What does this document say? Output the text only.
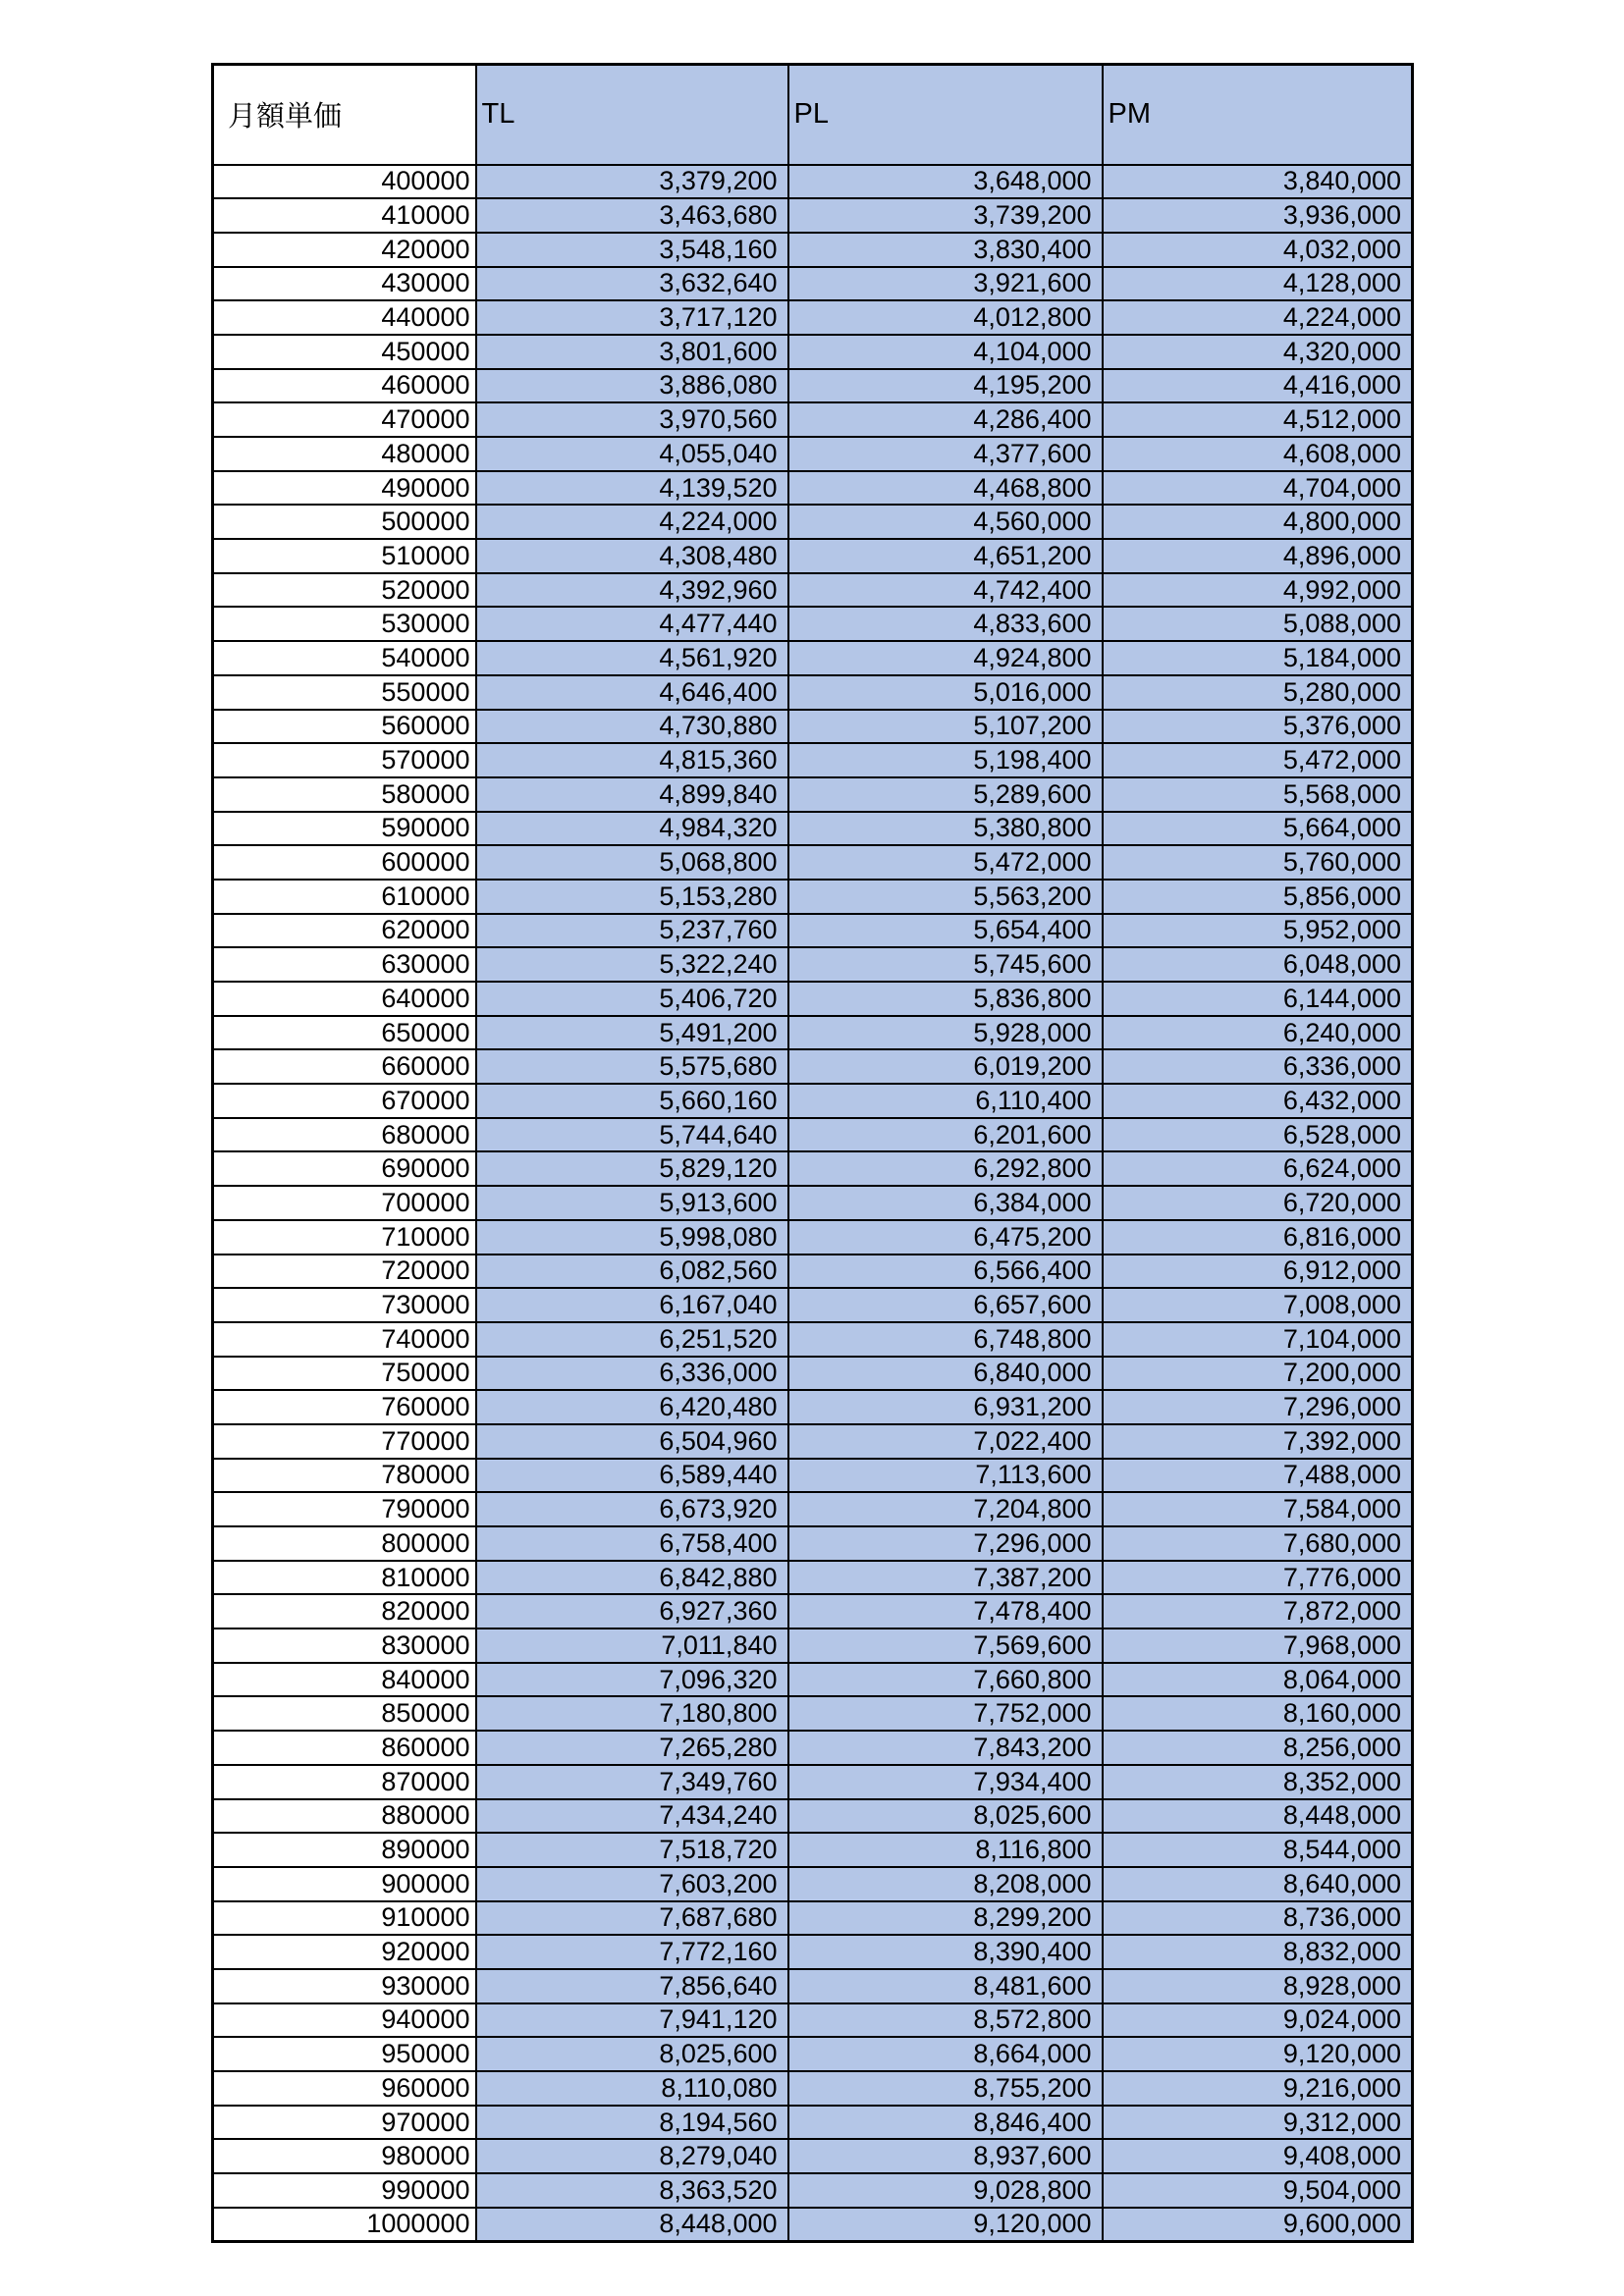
月額単価	TL	PL	PM
400000	3,379,200	3,648,000	3,840,000
410000	3,463,680	3,739,200	3,936,000
420000	3,548,160	3,830,400	4,032,000
430000	3,632,640	3,921,600	4,128,000
440000	3,717,120	4,012,800	4,224,000
450000	3,801,600	4,104,000	4,320,000
460000	3,886,080	4,195,200	4,416,000
470000	3,970,560	4,286,400	4,512,000
480000	4,055,040	4,377,600	4,608,000
490000	4,139,520	4,468,800	4,704,000
500000	4,224,000	4,560,000	4,800,000
510000	4,308,480	4,651,200	4,896,000
520000	4,392,960	4,742,400	4,992,000
530000	4,477,440	4,833,600	5,088,000
540000	4,561,920	4,924,800	5,184,000
550000	4,646,400	5,016,000	5,280,000
560000	4,730,880	5,107,200	5,376,000
570000	4,815,360	5,198,400	5,472,000
580000	4,899,840	5,289,600	5,568,000
590000	4,984,320	5,380,800	5,664,000
600000	5,068,800	5,472,000	5,760,000
610000	5,153,280	5,563,200	5,856,000
620000	5,237,760	5,654,400	5,952,000
630000	5,322,240	5,745,600	6,048,000
640000	5,406,720	5,836,800	6,144,000
650000	5,491,200	5,928,000	6,240,000
660000	5,575,680	6,019,200	6,336,000
670000	5,660,160	6,110,400	6,432,000
680000	5,744,640	6,201,600	6,528,000
690000	5,829,120	6,292,800	6,624,000
700000	5,913,600	6,384,000	6,720,000
710000	5,998,080	6,475,200	6,816,000
720000	6,082,560	6,566,400	6,912,000
730000	6,167,040	6,657,600	7,008,000
740000	6,251,520	6,748,800	7,104,000
750000	6,336,000	6,840,000	7,200,000
760000	6,420,480	6,931,200	7,296,000
770000	6,504,960	7,022,400	7,392,000
780000	6,589,440	7,113,600	7,488,000
790000	6,673,920	7,204,800	7,584,000
800000	6,758,400	7,296,000	7,680,000
810000	6,842,880	7,387,200	7,776,000
820000	6,927,360	7,478,400	7,872,000
830000	7,011,840	7,569,600	7,968,000
840000	7,096,320	7,660,800	8,064,000
850000	7,180,800	7,752,000	8,160,000
860000	7,265,280	7,843,200	8,256,000
870000	7,349,760	7,934,400	8,352,000
880000	7,434,240	8,025,600	8,448,000
890000	7,518,720	8,116,800	8,544,000
900000	7,603,200	8,208,000	8,640,000
910000	7,687,680	8,299,200	8,736,000
920000	7,772,160	8,390,400	8,832,000
930000	7,856,640	8,481,600	8,928,000
940000	7,941,120	8,572,800	9,024,000
950000	8,025,600	8,664,000	9,120,000
960000	8,110,080	8,755,200	9,216,000
970000	8,194,560	8,846,400	9,312,000
980000	8,279,040	8,937,600	9,408,000
990000	8,363,520	9,028,800	9,504,000
1000000	8,448,000	9,120,000	9,600,000
